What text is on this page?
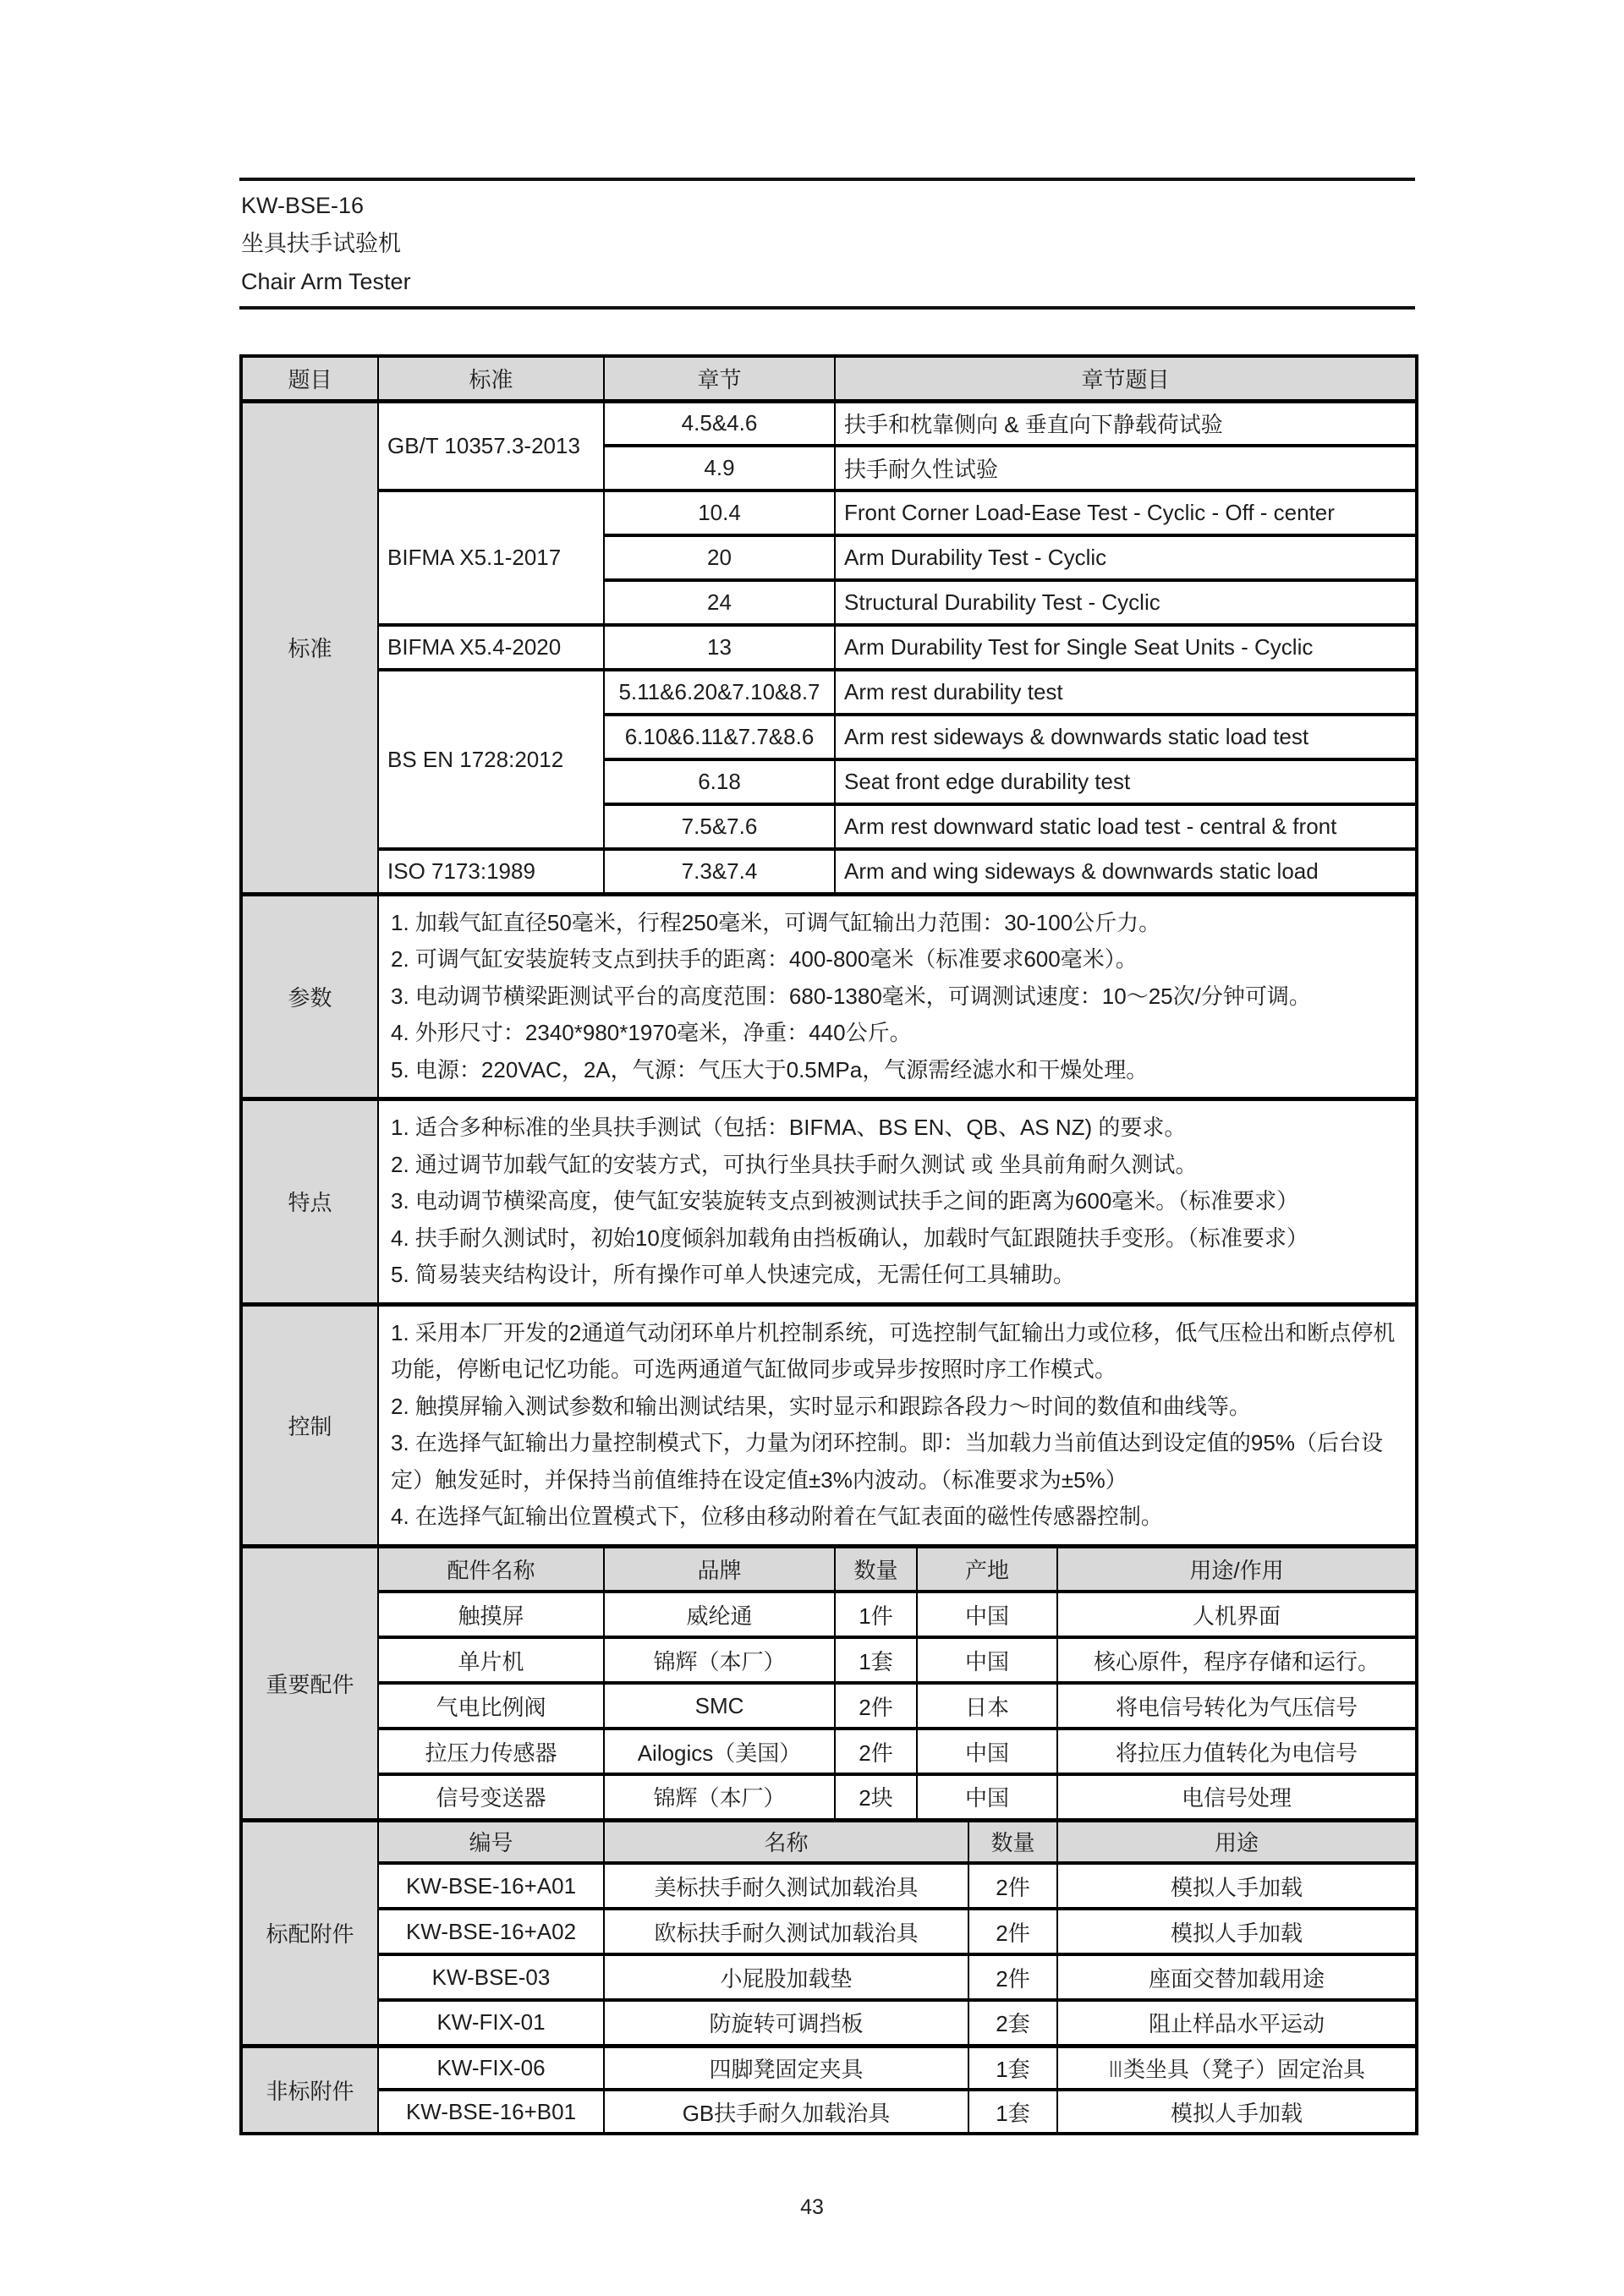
KW-BSE-16
坐具扶手试验机
Chair Arm Tester
题目	标准	章节	章节题目			
标准	GB/T 10357.3-2013	4.5&4.6	扶手和枕靠侧向 & 垂直向下静载荷试验			
		4.9	扶手耐久性试验			
	BIFMA X5.1-2017	10.4	Front Corner Load-Ease Test - Cyclic - Off - center			
		20	Arm Durability Test - Cyclic			
		24	Structural Durability Test - Cyclic			
	BIFMA X5.4-2020	13	Arm Durability Test for Single Seat Units - Cyclic			
	BS EN 1728:2012	5.11&6.20&7.10&8.7	Arm rest durability test			
		6.10&6.11&7.7&8.6	Arm rest sideways & downwards static load test			
		6.18	Seat front edge durability test			
		7.5&7.6	Arm rest downward static load test - central & front			
	ISO 7173:1989	7.3&7.4	Arm and wing sideways & downwards static load			
参数	1. 加载气缸直径50毫米，行程250毫米，可调气缸输出力范围：30-100公斤力。
2. 可调气缸安装旋转支点到扶手的距离：400-800毫米（标准要求600毫米）。
3. 电动调节横梁距测试平台的高度范围：680-1380毫米，可调测试速度：10～25次/分钟可调。
4. 外形尺寸：2340*980*1970毫米，净重：440公斤。
5. 电源：220VAC，2A，气源：气压大于0.5MPa，气源需经滤水和干燥处理。					

特点	1. 适合多种标准的坐具扶手测试（包括：BIFMA、BS EN、QB、AS NZ) 的要求。
2. 通过调节加载气缸的安装方式，可执行坐具扶手耐久测试 或 坐具前角耐久测试。
3. 电动调节横梁高度，使气缸安装旋转支点到被测试扶手之间的距离为600毫米。（标准要求）
4. 扶手耐久测试时，初始10度倾斜加载角由挡板确认，加载时气缸跟随扶手变形。（标准要求）
5. 简易装夹结构设计，所有操作可单人快速完成，无需任何工具辅助。					

控制	1. 采用本厂开发的2通道气动闭环单片机控制系统，可选控制气缸输出力或位移，低气压检出和断点停机功能，停断电记忆功能。可选两通道气缸做同步或异步按照时序工作模式。
2. 触摸屏输入测试参数和输出测试结果，实时显示和跟踪各段力～时间的数值和曲线等。
3. 在选择气缸输出力量控制模式下，力量为闭环控制。即：当加载力当前值达到设定值的95%（后台设定）触发延时，并保持当前值维持在设定值±3%内波动。（标准要求为±5%）
4. 在选择气缸输出位置模式下，位移由移动附着在气缸表面的磁性传感器控制。					

重要配件	配件名称	品牌	数量	产地		用途/作用
	触摸屏	威纶通	1件	中国		人机界面
	单片机	锦辉（本厂）	1套	中国		核心原件，程序存储和运行。
	气电比例阀	SMC	2件	日本		将电信号转化为气压信号
	拉压力传感器	Ailogics（美国）	2件	中国		将拉压力值转化为电信号
	信号变送器	锦辉（本厂）	2块	中国		电信号处理
标配附件	编号	名称			数量	用途
	KW-BSE-16+A01	美标扶手耐久测试加载治具			2件	模拟人手加载
	KW-BSE-16+A02	欧标扶手耐久测试加载治具			2件	模拟人手加载
	KW-BSE-03	小屁股加载垫			2件	座面交替加载用途
	KW-FIX-01	防旋转可调挡板			2套	阻止样品水平运动
非标附件	KW-FIX-06	四脚凳固定夹具			1套	Ⅲ类坐具（凳子）固定治具
	KW-BSE-16+B01	GB扶手耐久加载治具			1套	模拟人手加载
43
